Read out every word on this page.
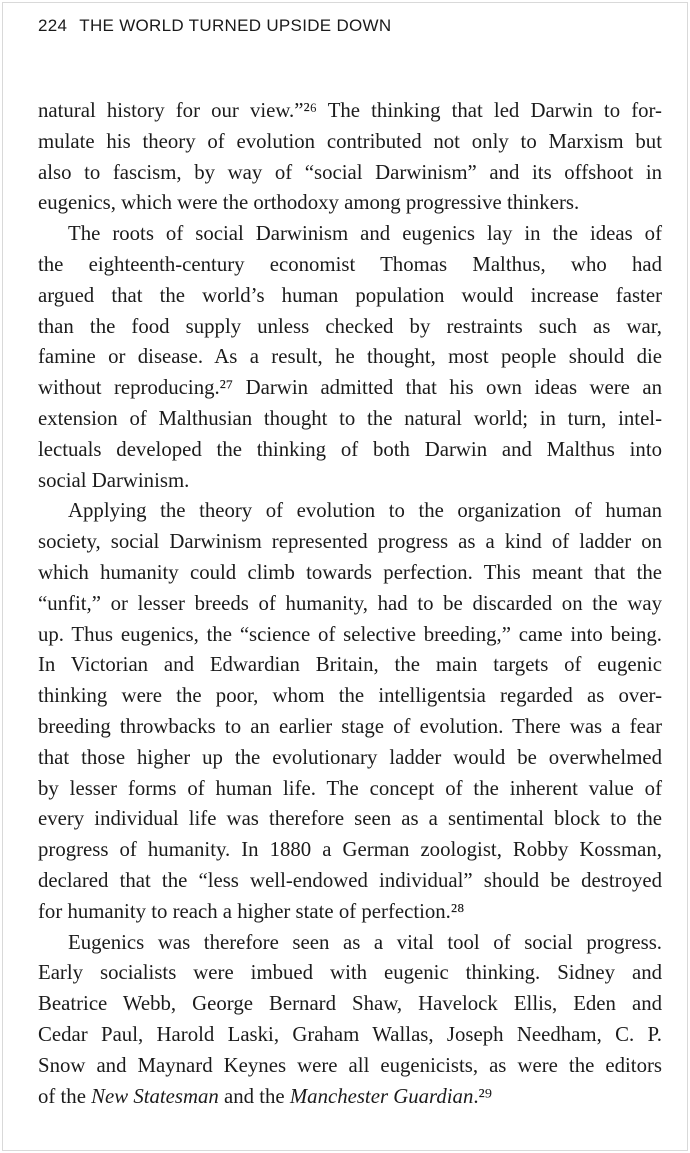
224 THE WORLD TURNED UPSIDE DOWN
natural history for our view.”²⁶ The thinking that led Darwin to for-
mulate his theory of evolution contributed not only to Marxism but
also to fascism, by way of “social Darwinism” and its offshoot in
eugenics, which were the orthodoxy among progressive thinkers.
The roots of social Darwinism and eugenics lay in the ideas of
the eighteenth-century economist Thomas Malthus, who had
argued that the world’s human population would increase faster
than the food supply unless checked by restraints such as war,
famine or disease. As a result, he thought, most people should die
without reproducing.²⁷ Darwin admitted that his own ideas were an
extension of Malthusian thought to the natural world; in turn, intel-
lectuals developed the thinking of both Darwin and Malthus into
social Darwinism.
Applying the theory of evolution to the organization of human
society, social Darwinism represented progress as a kind of ladder on
which humanity could climb towards perfection. This meant that the
“unfit,” or lesser breeds of humanity, had to be discarded on the way
up. Thus eugenics, the “science of selective breeding,” came into being.
In Victorian and Edwardian Britain, the main targets of eugenic
thinking were the poor, whom the intelligentsia regarded as over-
breeding throwbacks to an earlier stage of evolution. There was a fear
that those higher up the evolutionary ladder would be overwhelmed
by lesser forms of human life. The concept of the inherent value of
every individual life was therefore seen as a sentimental block to the
progress of humanity. In 1880 a German zoologist, Robby Kossman,
declared that the “less well-endowed individual” should be destroyed
for humanity to reach a higher state of perfection.²⁸
Eugenics was therefore seen as a vital tool of social progress.
Early socialists were imbued with eugenic thinking. Sidney and
Beatrice Webb, George Bernard Shaw, Havelock Ellis, Eden and
Cedar Paul, Harold Laski, Graham Wallas, Joseph Needham, C. P.
Snow and Maynard Keynes were all eugenicists, as were the editors
of the New Statesman and the Manchester Guardian.²⁹
